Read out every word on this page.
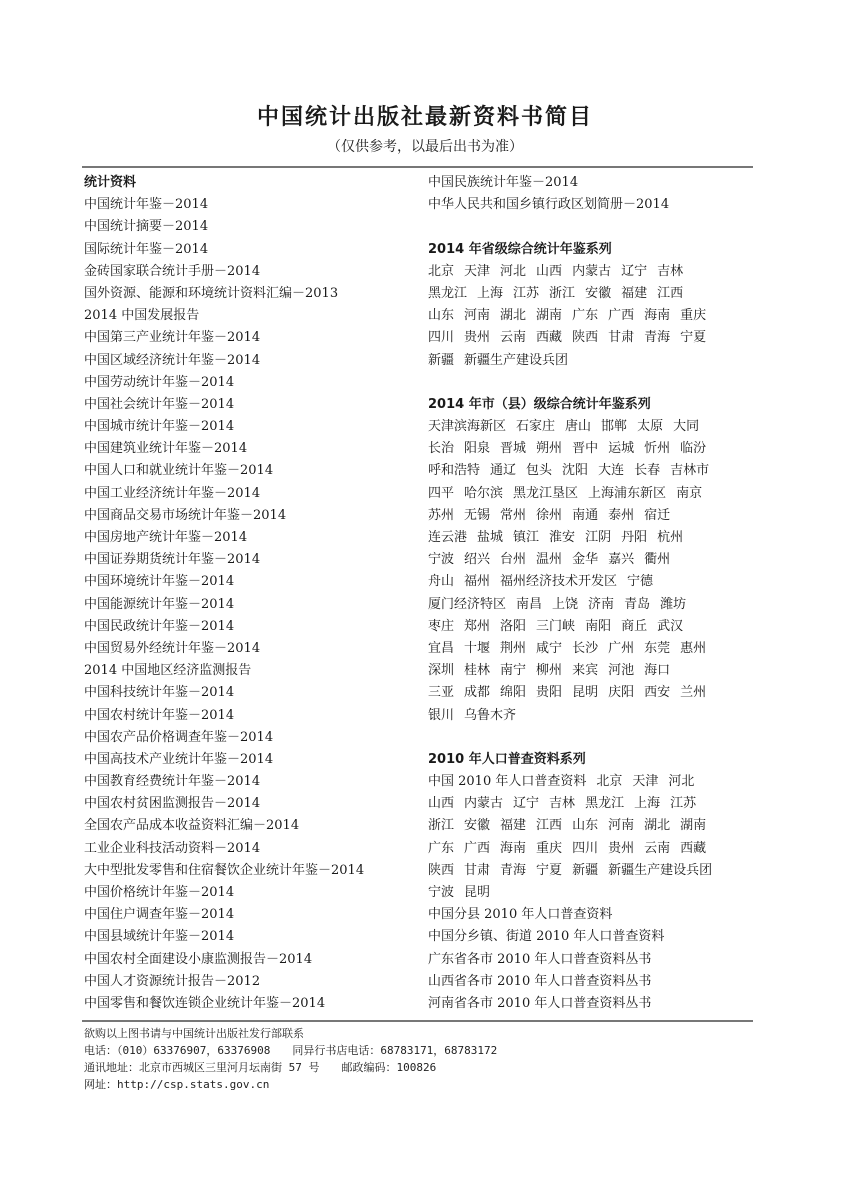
中国统计出版社最新资料书简目
（仅供参考，以最后出书为准）
统计资料
中国统计年鉴－2014
中国统计摘要－2014
国际统计年鉴－2014
金砖国家联合统计手册－2014
国外资源、能源和环境统计资料汇编－2013
2014 中国发展报告
中国第三产业统计年鉴－2014
中国区域经济统计年鉴－2014
中国劳动统计年鉴－2014
中国社会统计年鉴－2014
中国城市统计年鉴－2014
中国建筑业统计年鉴－2014
中国人口和就业统计年鉴－2014
中国工业经济统计年鉴－2014
中国商品交易市场统计年鉴－2014
中国房地产统计年鉴－2014
中国证券期货统计年鉴－2014
中国环境统计年鉴－2014
中国能源统计年鉴－2014
中国民政统计年鉴－2014
中国贸易外经统计年鉴－2014
2014 中国地区经济监测报告
中国科技统计年鉴－2014
中国农村统计年鉴－2014
中国农产品价格调查年鉴－2014
中国高技术产业统计年鉴－2014
中国教育经费统计年鉴－2014
中国农村贫困监测报告－2014
全国农产品成本收益资料汇编－2014
工业企业科技活动资料－2014
大中型批发零售和住宿餐饮企业统计年鉴－2014
中国价格统计年鉴－2014
中国住户调查年鉴－2014
中国县域统计年鉴－2014
中国农村全面建设小康监测报告－2014
中国人才资源统计报告－2012
中国零售和餐饮连锁企业统计年鉴－2014
中国民族统计年鉴－2014
中华人民共和国乡镇行政区划简册－2014
2014 年省级综合统计年鉴系列
北京 天津 河北 山西 内蒙古 辽宁 吉林
黑龙江 上海 江苏 浙江 安徽 福建 江西
山东 河南 湖北 湖南 广东 广西 海南 重庆
四川 贵州 云南 西藏 陕西 甘肃 青海 宁夏
新疆 新疆生产建设兵团
2014 年市（县）级综合统计年鉴系列
天津滨海新区 石家庄 唐山 邯郸 太原 大同
长治 阳泉 晋城 朔州 晋中 运城 忻州 临汾
呼和浩特 通辽 包头 沈阳 大连 长春 吉林市
四平 哈尔滨 黑龙江垦区 上海浦东新区 南京
苏州 无锡 常州 徐州 南通 泰州 宿迁
连云港 盐城 镇江 淮安 江阴 丹阳 杭州
宁波 绍兴 台州 温州 金华 嘉兴 衢州
舟山 福州 福州经济技术开发区 宁德
厦门经济特区 南昌 上饶 济南 青岛 潍坊
枣庄 郑州 洛阳 三门峡 南阳 商丘 武汉
宜昌 十堰 荆州 咸宁 长沙 广州 东莞 惠州
深圳 桂林 南宁 柳州 来宾 河池 海口
三亚 成都 绵阳 贵阳 昆明 庆阳 西安 兰州
银川 乌鲁木齐
2010 年人口普查资料系列
中国 2010 年人口普查资料 北京 天津 河北
山西 内蒙古 辽宁 吉林 黑龙江 上海 江苏
浙江 安徽 福建 江西 山东 河南 湖北 湖南
广东 广西 海南 重庆 四川 贵州 云南 西藏
陕西 甘肃 青海 宁夏 新疆 新疆生产建设兵团
宁波 昆明
中国分县 2010 年人口普查资料
中国分乡镇、街道 2010 年人口普查资料
广东省各市 2010 年人口普查资料丛书
山西省各市 2010 年人口普查资料丛书
河南省各市 2010 年人口普查资料丛书
欲购以上图书请与中国统计出版社发行部联系
电话：（010）63376907，63376908　　同异行书店电话：68783171，68783172
通讯地址：北京市西城区三里河月坛南街 57 号　　邮政编码：100826
网址：http://csp.stats.gov.cn
